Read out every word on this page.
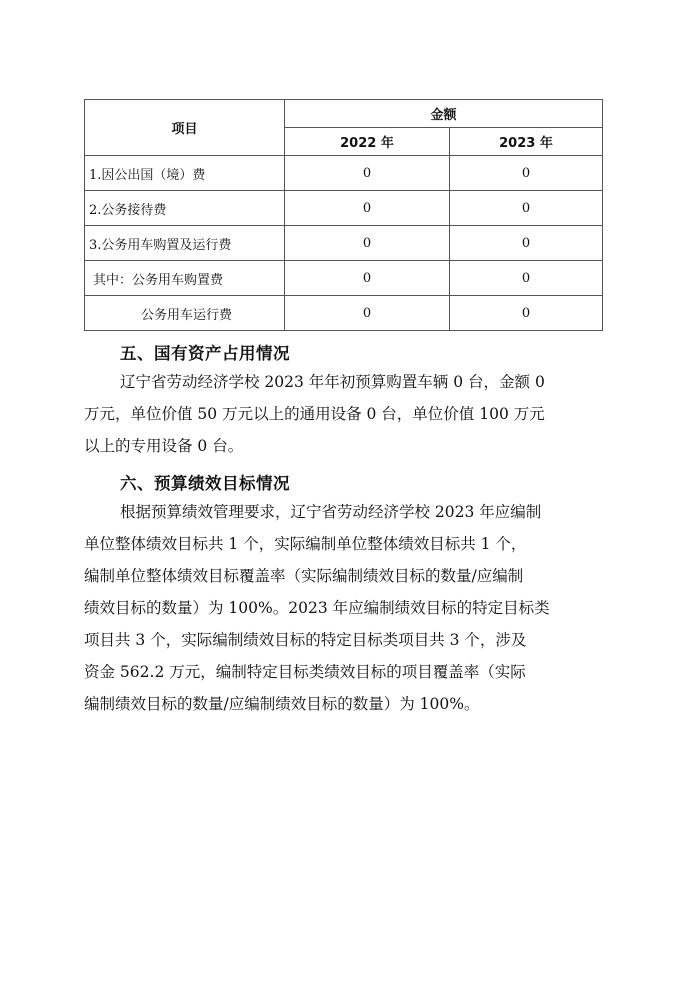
项目	金额	
	2022 年	2023 年
1.因公出国（境）费	0	0
2.公务接待费	0	0
3.公务用车购置及运行费	0	0
其中：公务用车购置费	0	0
公务用车运行费	0	0
五、国有资产占用情况
辽宁省劳动经济学校 2023 年年初预算购置车辆 0 台，金额 0
万元，单位价值 50 万元以上的通用设备 0 台，单位价值 100 万元
以上的专用设备 0 台。
六、预算绩效目标情况
根据预算绩效管理要求，辽宁省劳动经济学校 2023 年应编制
单位整体绩效目标共 1 个，实际编制单位整体绩效目标共 1 个，
编制单位整体绩效目标覆盖率（实际编制绩效目标的数量/应编制
绩效目标的数量）为 100%。2023 年应编制绩效目标的特定目标类
项目共 3 个，实际编制绩效目标的特定目标类项目共 3 个，涉及
资金 562.2 万元，编制特定目标类绩效目标的项目覆盖率（实际
编制绩效目标的数量/应编制绩效目标的数量）为 100%。
